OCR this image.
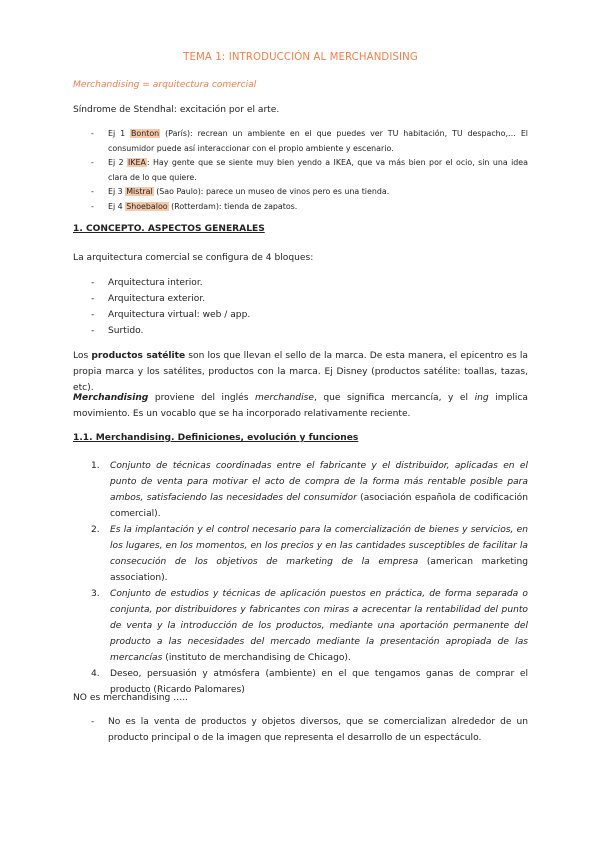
TEMA 1: INTRODUCCIÓN AL MERCHANDISING
Merchandising = arquitectura comercial
Síndrome de Stendhal: excitación por el arte.
- Ej 1 Bonton (París): recrean un ambiente en el que puedes ver TU habitación, TU despacho,… El consumidor puede así interaccionar con el propio ambiente y escenario.
- Ej 2 IKEA: Hay gente que se siente muy bien yendo a IKEA, que va más bien por el ocio, sin una idea clara de lo que quiere.
- Ej 3 Mistral (Sao Paulo): parece un museo de vinos pero es una tienda.
- Ej 4 Shoebaloo (Rotterdam): tienda de zapatos.
1. CONCEPTO. ASPECTOS GENERALES
La arquitectura comercial se configura de 4 bloques:
- Arquitectura interior.
- Arquitectura exterior.
- Arquitectura virtual: web / app.
- Surtido.
Los productos satélite son los que llevan el sello de la marca. De esta manera, el epicentro es la propia marca y los satélites, productos con la marca. Ej Disney (productos satélite: toallas, tazas, etc).
Merchandising proviene del inglés merchandise, que significa mercancía, y el ing implica movimiento. Es un vocablo que se ha incorporado relativamente reciente.
1.1. Merchandising. Definiciones, evolución y funciones
1. Conjunto de técnicas coordinadas entre el fabricante y el distribuidor, aplicadas en el punto de venta para motivar el acto de compra de la forma más rentable posible para ambos, satisfaciendo las necesidades del consumidor (asociación española de codificación comercial).
2. Es la implantación y el control necesario para la comercialización de bienes y servicios, en los lugares, en los momentos, en los precios y en las cantidades susceptibles de facilitar la consecución de los objetivos de marketing de la empresa (american marketing association).
3. Conjunto de estudios y técnicas de aplicación puestos en práctica, de forma separada o conjunta, por distribuidores y fabricantes con miras a acrecentar la rentabilidad del punto de venta y la introducción de los productos, mediante una aportación permanente del producto a las necesidades del mercado mediante la presentación apropiada de las mercancías (instituto de merchandising de Chicago).
4. Deseo, persuasión y atmósfera (ambiente) en el que tengamos ganas de comprar el producto (Ricardo Palomares)
NO es merchandising …..
- No es la venta de productos y objetos diversos, que se comercializan alrededor de un producto principal o de la imagen que representa el desarrollo de un espectáculo.
